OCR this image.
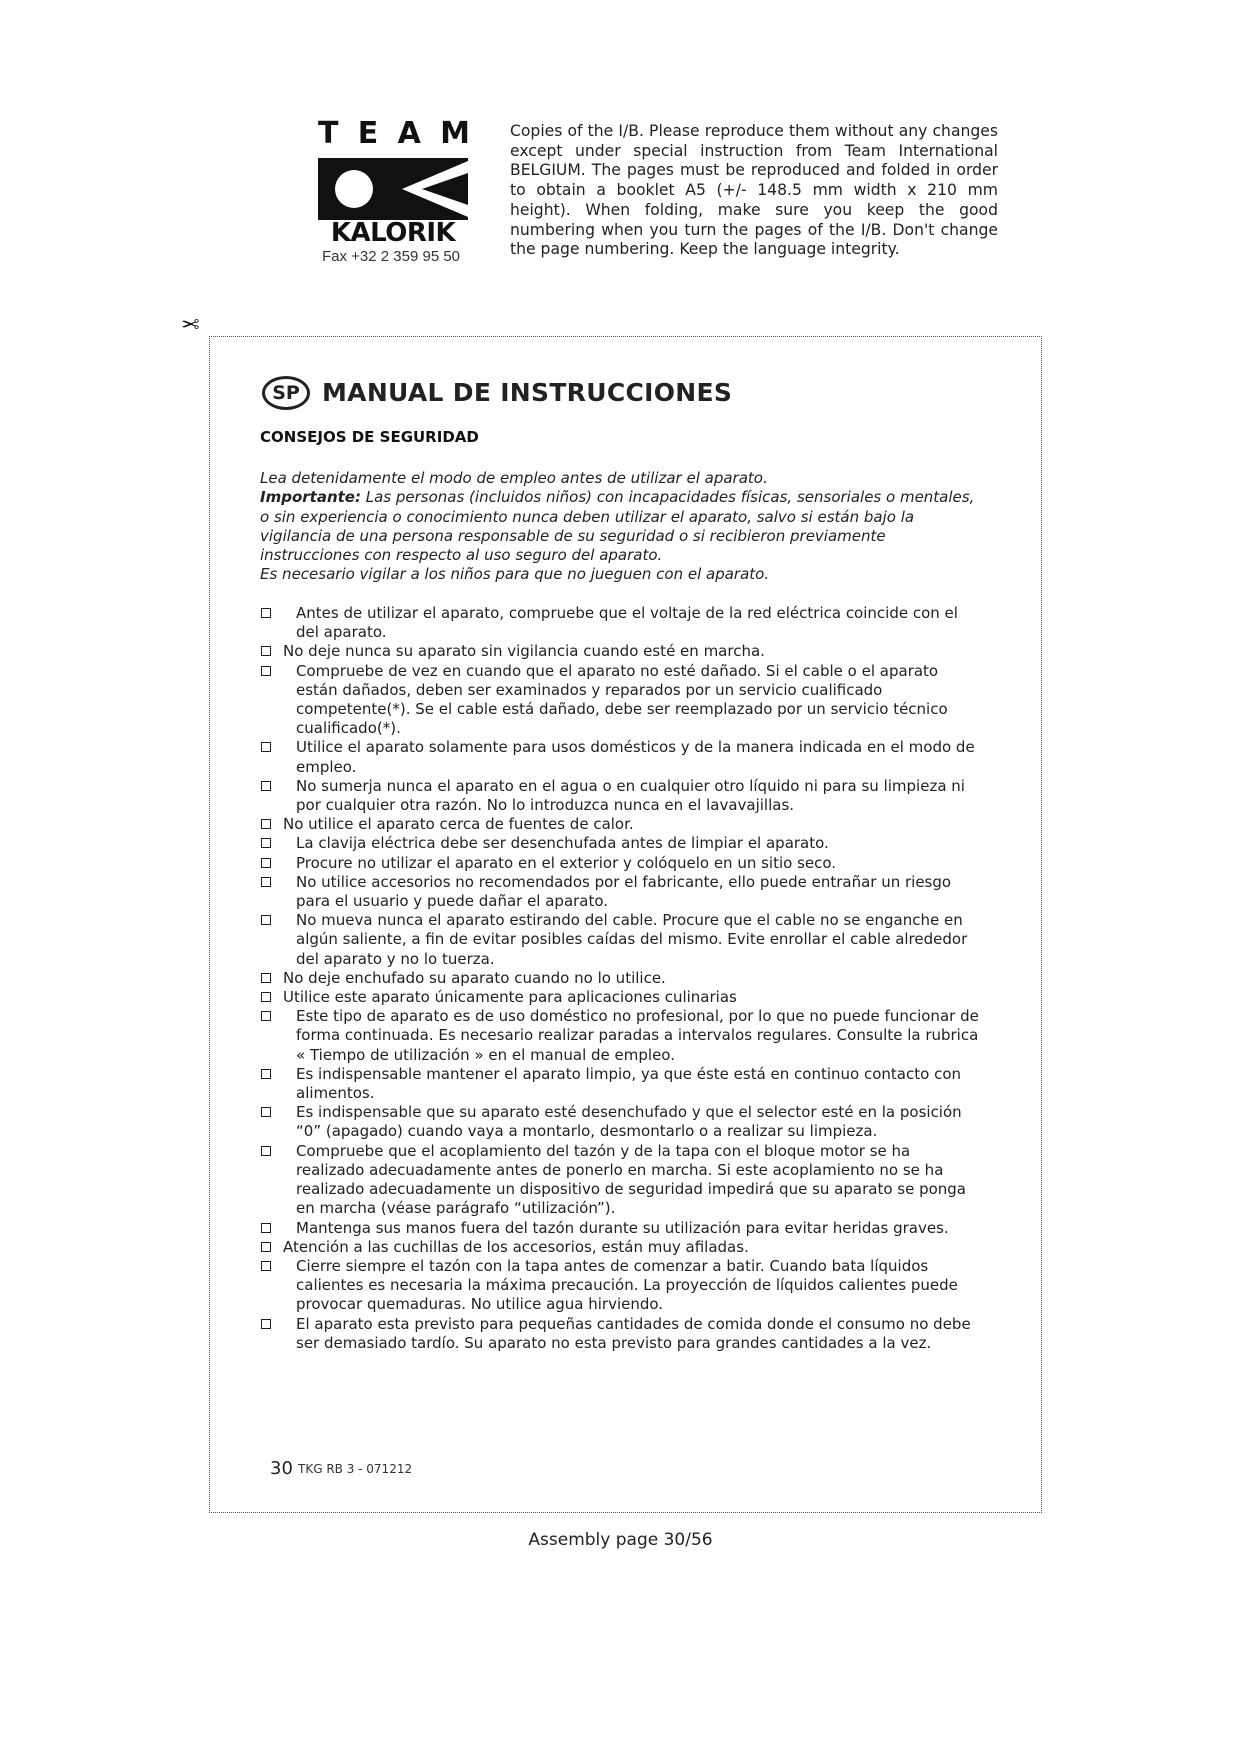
T E A M
KALORIK
Fax +32 2 359 95 50
Copies of the I/B. Please reproduce them without any changes except under special instruction from Team International BELGIUM. The pages must be reproduced and folded in order to obtain a booklet A5 (+/- 148.5 mm width x 210 mm height). When folding, make sure you keep the good numbering when you turn the pages of the I/B. Don't change the page numbering. Keep the language integrity.
✂
SP MANUAL DE INSTRUCCIONES
CONSEJOS DE SEGURIDAD

Lea detenidamente el modo de empleo antes de utilizar el aparato.

Importante: Las personas (incluidos niños) con incapacidades físicas, sensoriales o mentales, o sin experiencia o conocimiento nunca deben utilizar el aparato, salvo si están bajo la vigilancia de una persona responsable de su seguridad o si recibieron previamente instrucciones con respecto al uso seguro del aparato.

Es necesario vigilar a los niños para que no jueguen con el aparato.

Antes de utilizar el aparato, compruebe que el voltaje de la red eléctrica coincide con el del aparato.
No deje nunca su aparato sin vigilancia cuando esté en marcha.
Compruebe de vez en cuando que el aparato no esté dañado. Si el cable o el aparato están dañados, deben ser examinados y reparados por un servicio cualificado competente(*). Se el cable está dañado, debe ser reemplazado por un servicio técnico cualificado(*).
Utilice el aparato solamente para usos domésticos y de la manera indicada en el modo de empleo.
No sumerja nunca el aparato en el agua o en cualquier otro líquido ni para su limpieza ni por cualquier otra razón. No lo introduzca nunca en el lavavajillas.
No utilice el aparato cerca de fuentes de calor.
La clavija eléctrica debe ser desenchufada antes de limpiar el aparato.
Procure no utilizar el aparato en el exterior y colóquelo en un sitio seco.
No utilice accesorios no recomendados por el fabricante, ello puede entrañar un riesgo para el usuario y puede dañar el aparato.
No mueva nunca el aparato estirando del cable. Procure que el cable no se enganche en algún saliente, a fin de evitar posibles caídas del mismo. Evite enrollar el cable alrededor del aparato y no lo tuerza.
No deje enchufado su aparato cuando no lo utilice.
Utilice este aparato únicamente para aplicaciones culinarias
Este tipo de aparato es de uso doméstico no profesional, por lo que no puede funcionar de forma continuada. Es necesario realizar paradas a intervalos regulares. Consulte la rubrica « Tiempo de utilización » en el manual de empleo.
Es indispensable mantener el aparato limpio, ya que éste está en continuo contacto con alimentos.
Es indispensable que su aparato esté desenchufado y que el selector esté en la posición “0” (apagado) cuando vaya a montarlo, desmontarlo o a realizar su limpieza.
Compruebe que el acoplamiento del tazón y de la tapa con el bloque motor se ha realizado adecuadamente antes de ponerlo en marcha. Si este acoplamiento no se ha realizado adecuadamente un dispositivo de seguridad impedirá que su aparato se ponga en marcha (véase parágrafo “utilización”).
Mantenga sus manos fuera del tazón durante su utilización para evitar heridas graves.
Atención a las cuchillas de los accesorios, están muy afiladas.
Cierre siempre el tazón con la tapa antes de comenzar a batir. Cuando bata líquidos calientes es necesaria la máxima precaución. La proyección de líquidos calientes puede provocar quemaduras. No utilice agua hirviendo.
El aparato esta previsto para pequeñas cantidades de comida donde el consumo no debe ser demasiado tardío. Su aparato no esta previsto para grandes cantidades a la vez.
30 TKG RB 3 - 071212
Assembly page 30/56
